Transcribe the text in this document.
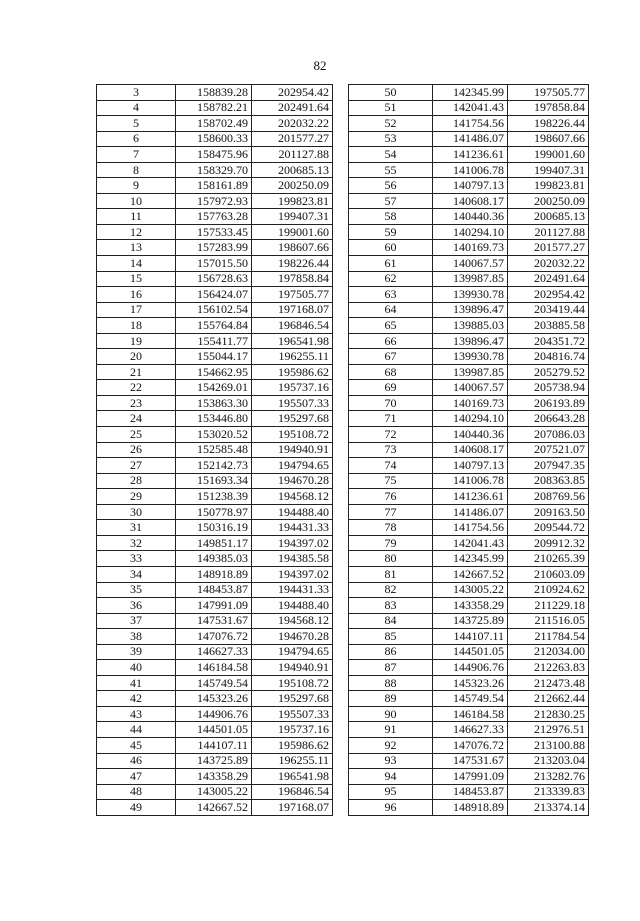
82
3	158839.28	202954.42
4	158782.21	202491.64
5	158702.49	202032.22
6	158600.33	201577.27
7	158475.96	201127.88
8	158329.70	200685.13
9	158161.89	200250.09
10	157972.93	199823.81
11	157763.28	199407.31
12	157533.45	199001.60
13	157283.99	198607.66
14	157015.50	198226.44
15	156728.63	197858.84
16	156424.07	197505.77
17	156102.54	197168.07
18	155764.84	196846.54
19	155411.77	196541.98
20	155044.17	196255.11
21	154662.95	195986.62
22	154269.01	195737.16
23	153863.30	195507.33
24	153446.80	195297.68
25	153020.52	195108.72
26	152585.48	194940.91
27	152142.73	194794.65
28	151693.34	194670.28
29	151238.39	194568.12
30	150778.97	194488.40
31	150316.19	194431.33
32	149851.17	194397.02
33	149385.03	194385.58
34	148918.89	194397.02
35	148453.87	194431.33
36	147991.09	194488.40
37	147531.67	194568.12
38	147076.72	194670.28
39	146627.33	194794.65
40	146184.58	194940.91
41	145749.54	195108.72
42	145323.26	195297.68
43	144906.76	195507.33
44	144501.05	195737.16
45	144107.11	195986.62
46	143725.89	196255.11
47	143358.29	196541.98
48	143005.22	196846.54
49	142667.52	197168.07
50	142345.99	197505.77
51	142041.43	197858.84
52	141754.56	198226.44
53	141486.07	198607.66
54	141236.61	199001.60
55	141006.78	199407.31
56	140797.13	199823.81
57	140608.17	200250.09
58	140440.36	200685.13
59	140294.10	201127.88
60	140169.73	201577.27
61	140067.57	202032.22
62	139987.85	202491.64
63	139930.78	202954.42
64	139896.47	203419.44
65	139885.03	203885.58
66	139896.47	204351.72
67	139930.78	204816.74
68	139987.85	205279.52
69	140067.57	205738.94
70	140169.73	206193.89
71	140294.10	206643.28
72	140440.36	207086.03
73	140608.17	207521.07
74	140797.13	207947.35
75	141006.78	208363.85
76	141236.61	208769.56
77	141486.07	209163.50
78	141754.56	209544.72
79	142041.43	209912.32
80	142345.99	210265.39
81	142667.52	210603.09
82	143005.22	210924.62
83	143358.29	211229.18
84	143725.89	211516.05
85	144107.11	211784.54
86	144501.05	212034.00
87	144906.76	212263.83
88	145323.26	212473.48
89	145749.54	212662.44
90	146184.58	212830.25
91	146627.33	212976.51
92	147076.72	213100.88
93	147531.67	213203.04
94	147991.09	213282.76
95	148453.87	213339.83
96	148918.89	213374.14
